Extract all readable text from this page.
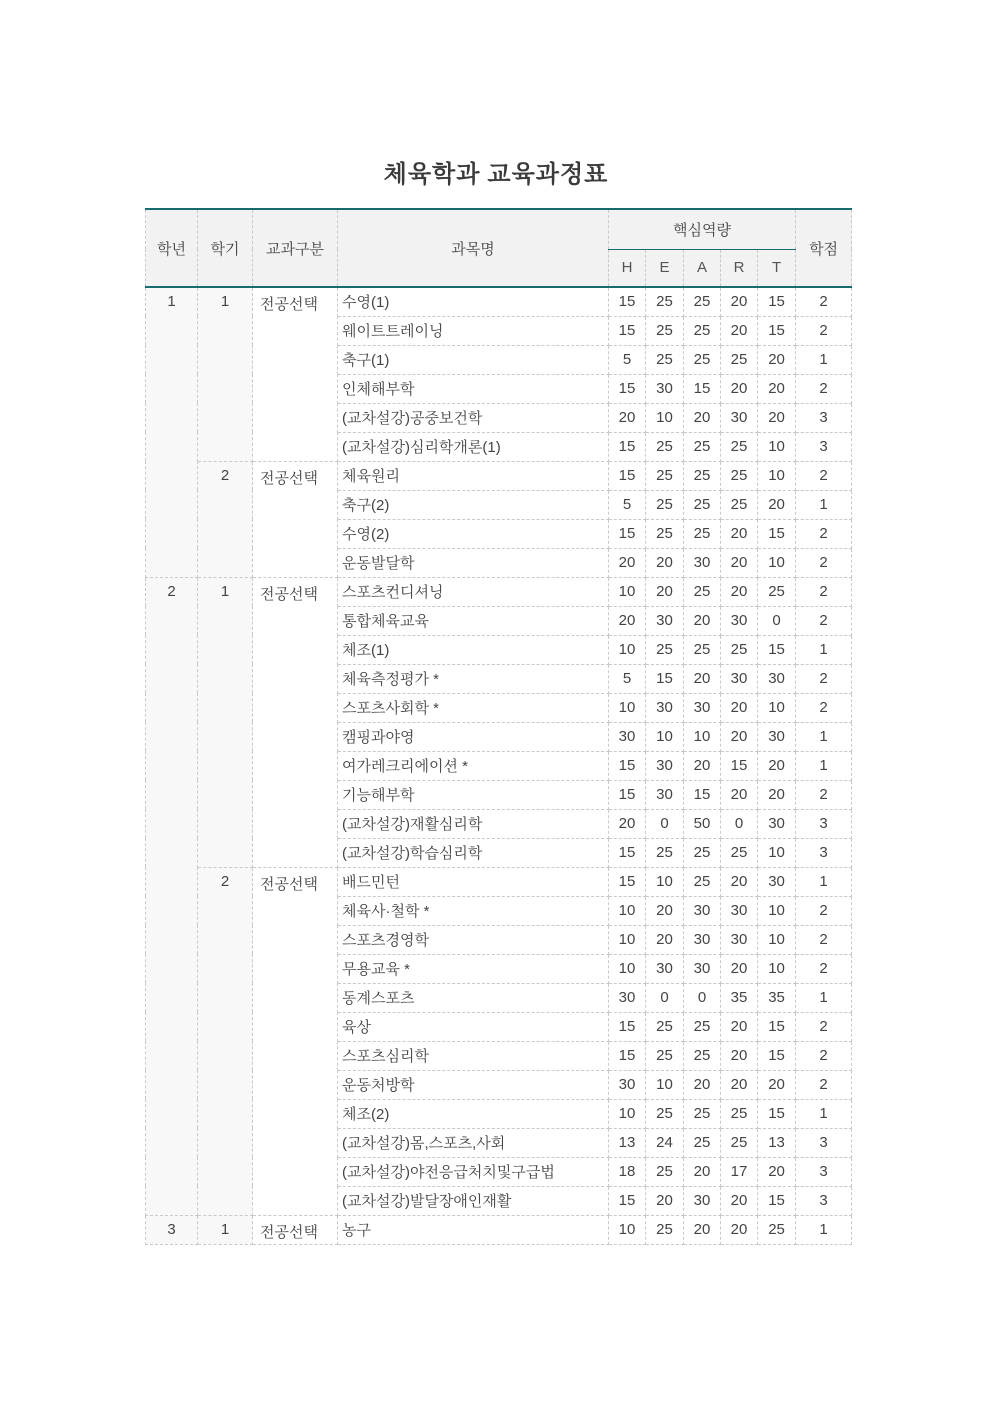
체육학과 교육과정표
학년	학기	교과구분	과목명	핵심역량					학점
				H	E	A	R	T	
1	1	전공선택	수영(1)	15	25	25	20	15	2
			웨이트트레이닝	15	25	25	20	15	2
			축구(1)	5	25	25	25	20	1
			인체해부학	15	30	15	20	20	2
			(교차설강)공중보건학	20	10	20	30	20	3
			(교차설강)심리학개론(1)	15	25	25	25	10	3
	2	전공선택	체육원리	15	25	25	25	10	2
			축구(2)	5	25	25	25	20	1
			수영(2)	15	25	25	20	15	2
			운동발달학	20	20	30	20	10	2
2	1	전공선택	스포츠컨디셔닝	10	20	25	20	25	2
			통합체육교육	20	30	20	30	0	2
			체조(1)	10	25	25	25	15	1
			체육측정평가 *	5	15	20	30	30	2
			스포츠사회학 *	10	30	30	20	10	2
			캠핑과야영	30	10	10	20	30	1
			여가레크리에이션 *	15	30	20	15	20	1
			기능해부학	15	30	15	20	20	2
			(교차설강)재활심리학	20	0	50	0	30	3
			(교차설강)학습심리학	15	25	25	25	10	3
	2	전공선택	배드민턴	15	10	25	20	30	1
			체육사·철학 *	10	20	30	30	10	2
			스포츠경영학	10	20	30	30	10	2
			무용교육 *	10	30	30	20	10	2
			동계스포츠	30	0	0	35	35	1
			육상	15	25	25	20	15	2
			스포츠심리학	15	25	25	20	15	2
			운동처방학	30	10	20	20	20	2
			체조(2)	10	25	25	25	15	1
			(교차설강)몸,스포츠,사회	13	24	25	25	13	3
			(교차설강)야전응급처치및구급법	18	25	20	17	20	3
			(교차설강)발달장애인재활	15	20	30	20	15	3
3	1	전공선택	농구	10	25	20	20	25	1
